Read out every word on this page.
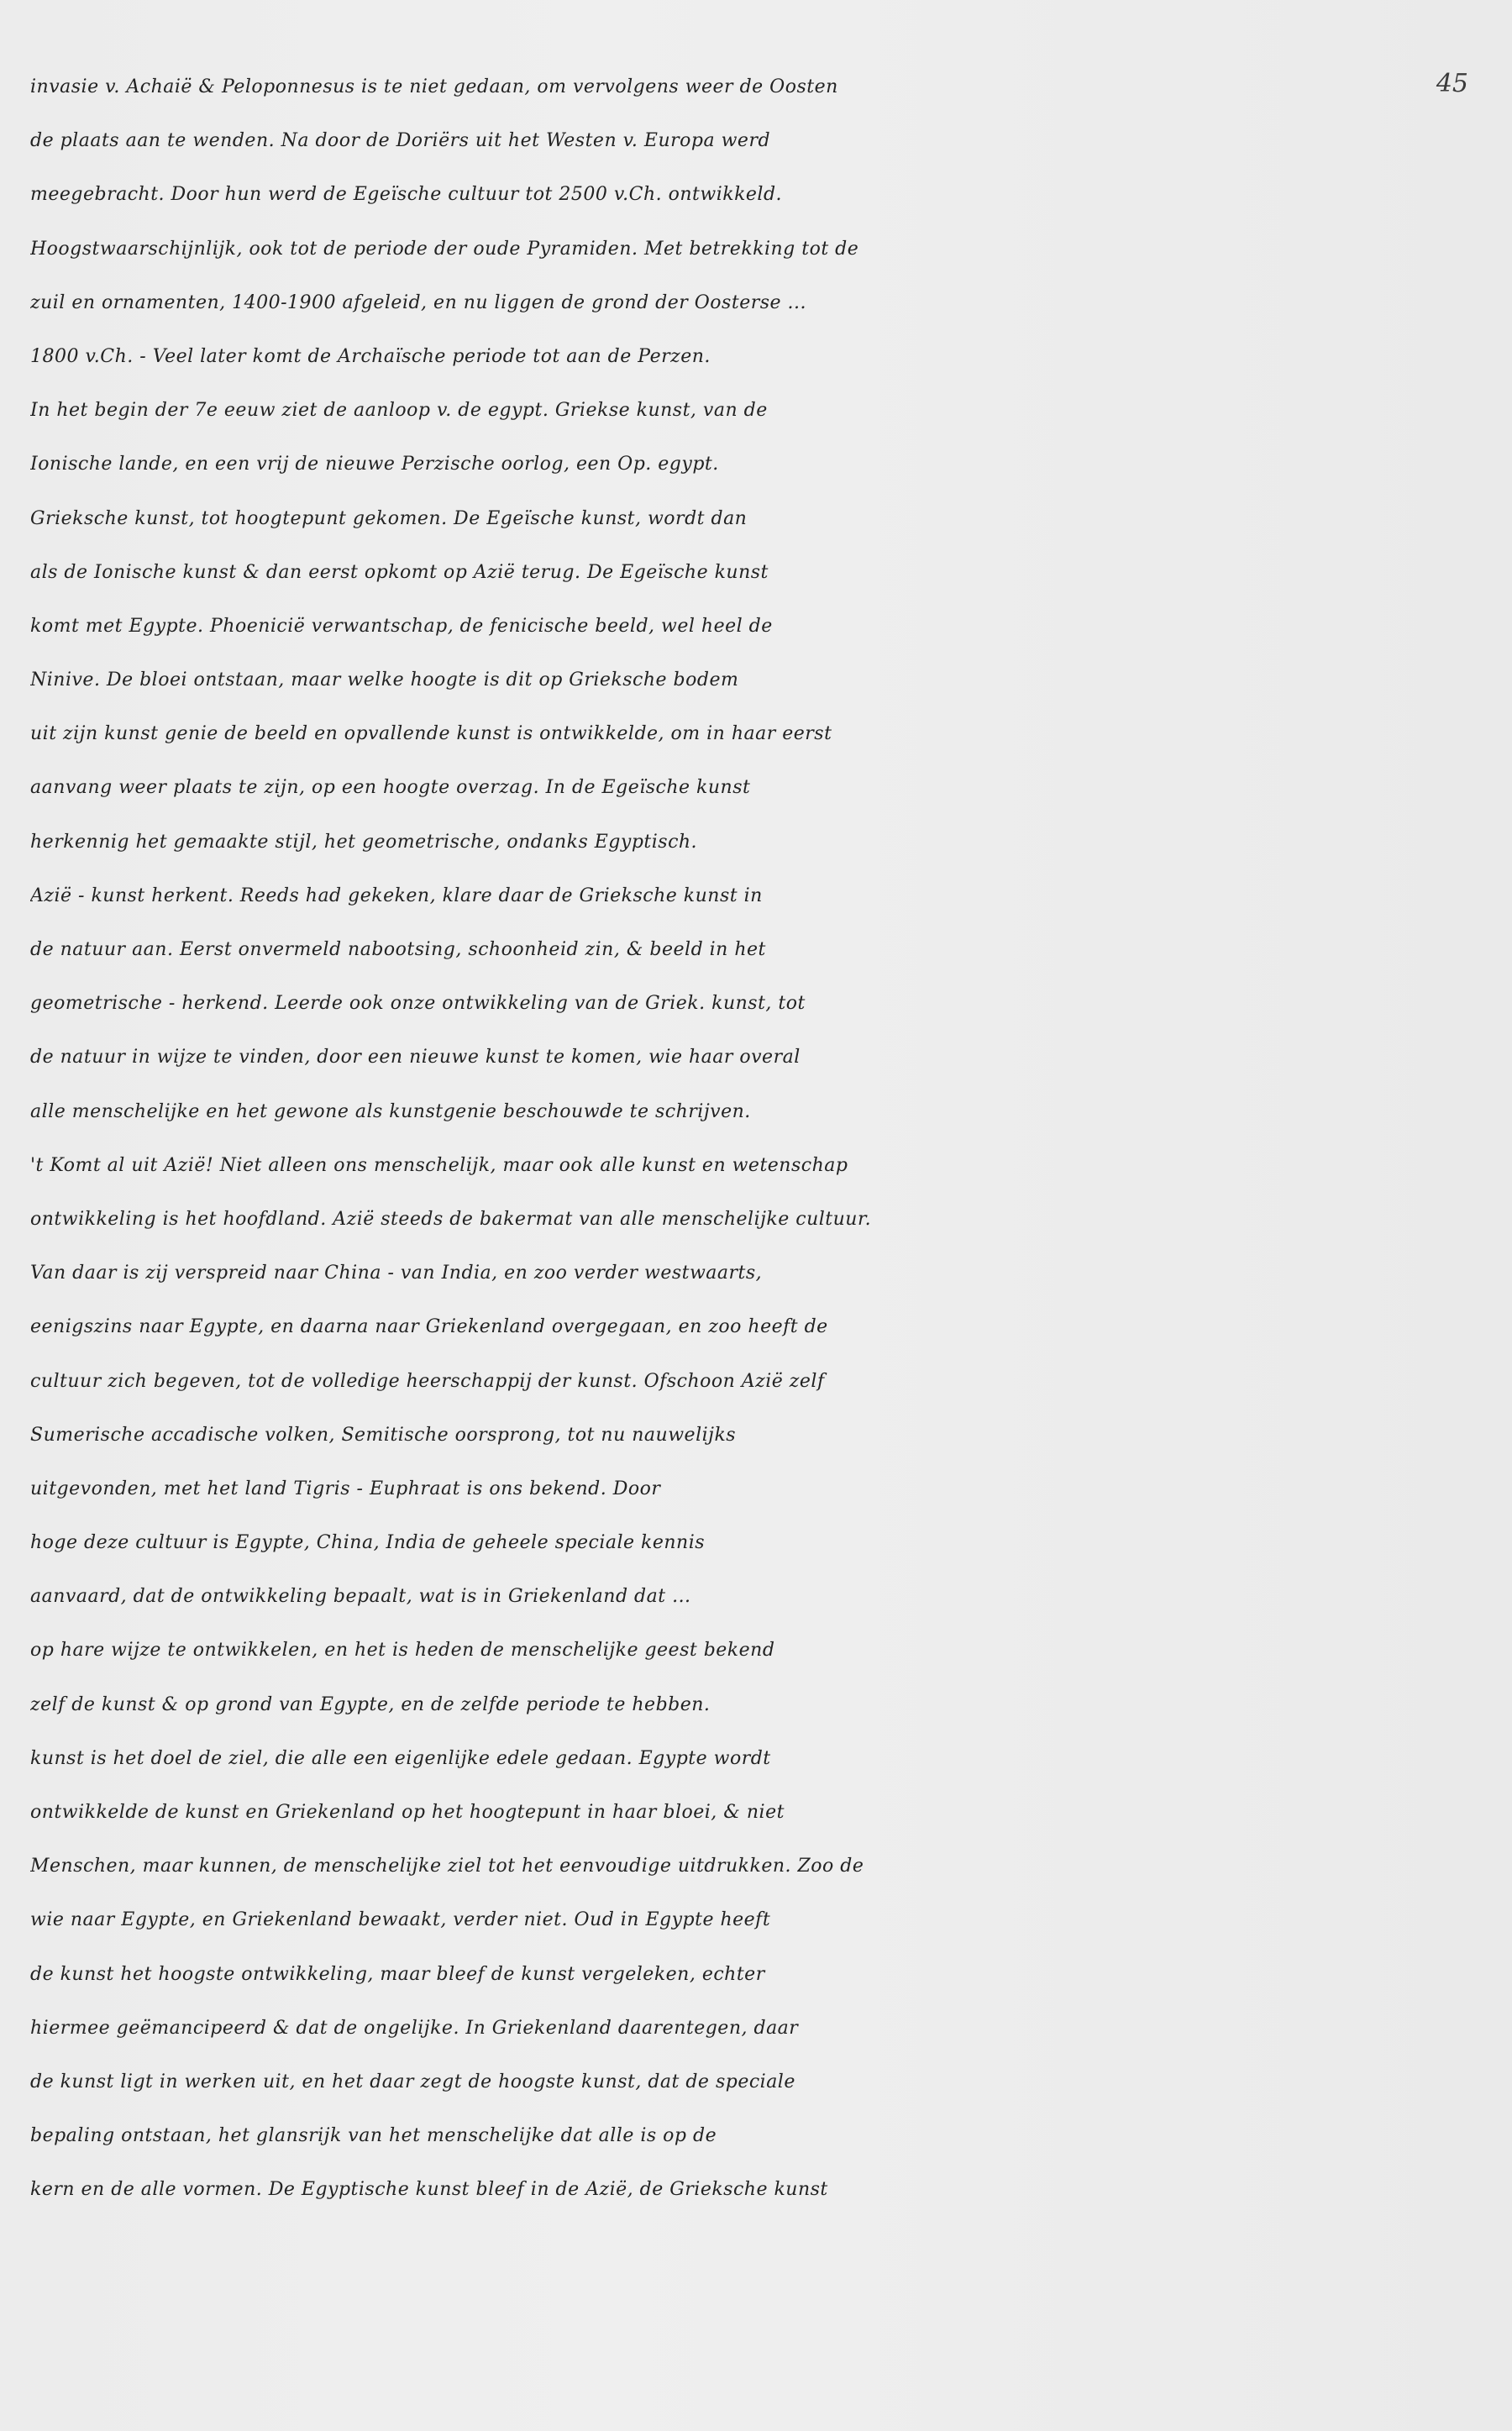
45
invasie v. Achaië & Peloponnesus is te niet gedaan, om vervolgens weer de Oosten
de plaats aan te wenden. Na door de Doriërs uit het Westen v. Europa werd
meegebracht. Door hun werd de Egeïsche cultuur tot 2500 v.Ch. ontwikkeld.
Hoogstwaarschijnlijk, ook tot de periode der oude Pyramiden. Met betrekking tot de
zuil en ornamenten, 1400-1900 afgeleid, en nu liggen de grond der Oosterse ...
1800 v.Ch. - Veel later komt de Archaïsche periode tot aan de Perzen.
In het begin der 7e eeuw ziet de aanloop v. de egypt. Griekse kunst, van de
Ionische lande, en een vrij de nieuwe Perzische oorlog, een Op. egypt.
Grieksche kunst, tot hoogtepunt gekomen. De Egeïsche kunst, wordt dan
als de Ionische kunst & dan eerst opkomt op Azië terug. De Egeïsche kunst
komt met Egypte. Phoenicië verwantschap, de fenicische beeld, wel heel de
Ninive. De bloei ontstaan, maar welke hoogte is dit op Grieksche bodem
uit zijn kunst genie de beeld en opvallende kunst is ontwikkelde, om in haar eerst
aanvang weer plaats te zijn, op een hoogte overzag. In de Egeïsche kunst
herkennig het gemaakte stijl, het geometrische, ondanks Egyptisch.
Azië - kunst herkent. Reeds had gekeken, klare daar de Grieksche kunst in
de natuur aan. Eerst onvermeld nabootsing, schoonheid zin, & beeld in het
geometrische - herkend. Leerde ook onze ontwikkeling van de Griek. kunst, tot
de natuur in wijze te vinden, door een nieuwe kunst te komen, wie haar overal
alle menschelijke en het gewone als kunstgenie beschouwde te schrijven.
't Komt al uit Azië! Niet alleen ons menschelijk, maar ook alle kunst en wetenschap
ontwikkeling is het hoofdland. Azië steeds de bakermat van alle menschelijke cultuur.
Van daar is zij verspreid naar China - van India, en zoo verder westwaarts,
eenigszins naar Egypte, en daarna naar Griekenland overgegaan, en zoo heeft de
cultuur zich begeven, tot de volledige heerschappij der kunst. Ofschoon Azië zelf
Sumerische accadische volken, Semitische oorsprong, tot nu nauwelijks
uitgevonden, met het land Tigris - Euphraat is ons bekend. Door
hoge deze cultuur is Egypte, China, India de geheele speciale kennis
aanvaard, dat de ontwikkeling bepaalt, wat is in Griekenland dat ...
op hare wijze te ontwikkelen, en het is heden de menschelijke geest bekend
zelf de kunst & op grond van Egypte, en de zelfde periode te hebben.
kunst is het doel de ziel, die alle een eigenlijke edele gedaan. Egypte wordt
ontwikkelde de kunst en Griekenland op het hoogtepunt in haar bloei, & niet
Menschen, maar kunnen, de menschelijke ziel tot het eenvoudige uitdrukken. Zoo de
wie naar Egypte, en Griekenland bewaakt, verder niet. Oud in Egypte heeft
de kunst het hoogste ontwikkeling, maar bleef de kunst vergeleken, echter
hiermee geëmancipeerd & dat de ongelijke. In Griekenland daarentegen, daar
de kunst ligt in werken uit, en het daar zegt de hoogste kunst, dat de speciale
bepaling ontstaan, het glansrijk van het menschelijke dat alle is op de
kern en de alle vormen. De Egyptische kunst bleef in de Azië, de Grieksche kunst
